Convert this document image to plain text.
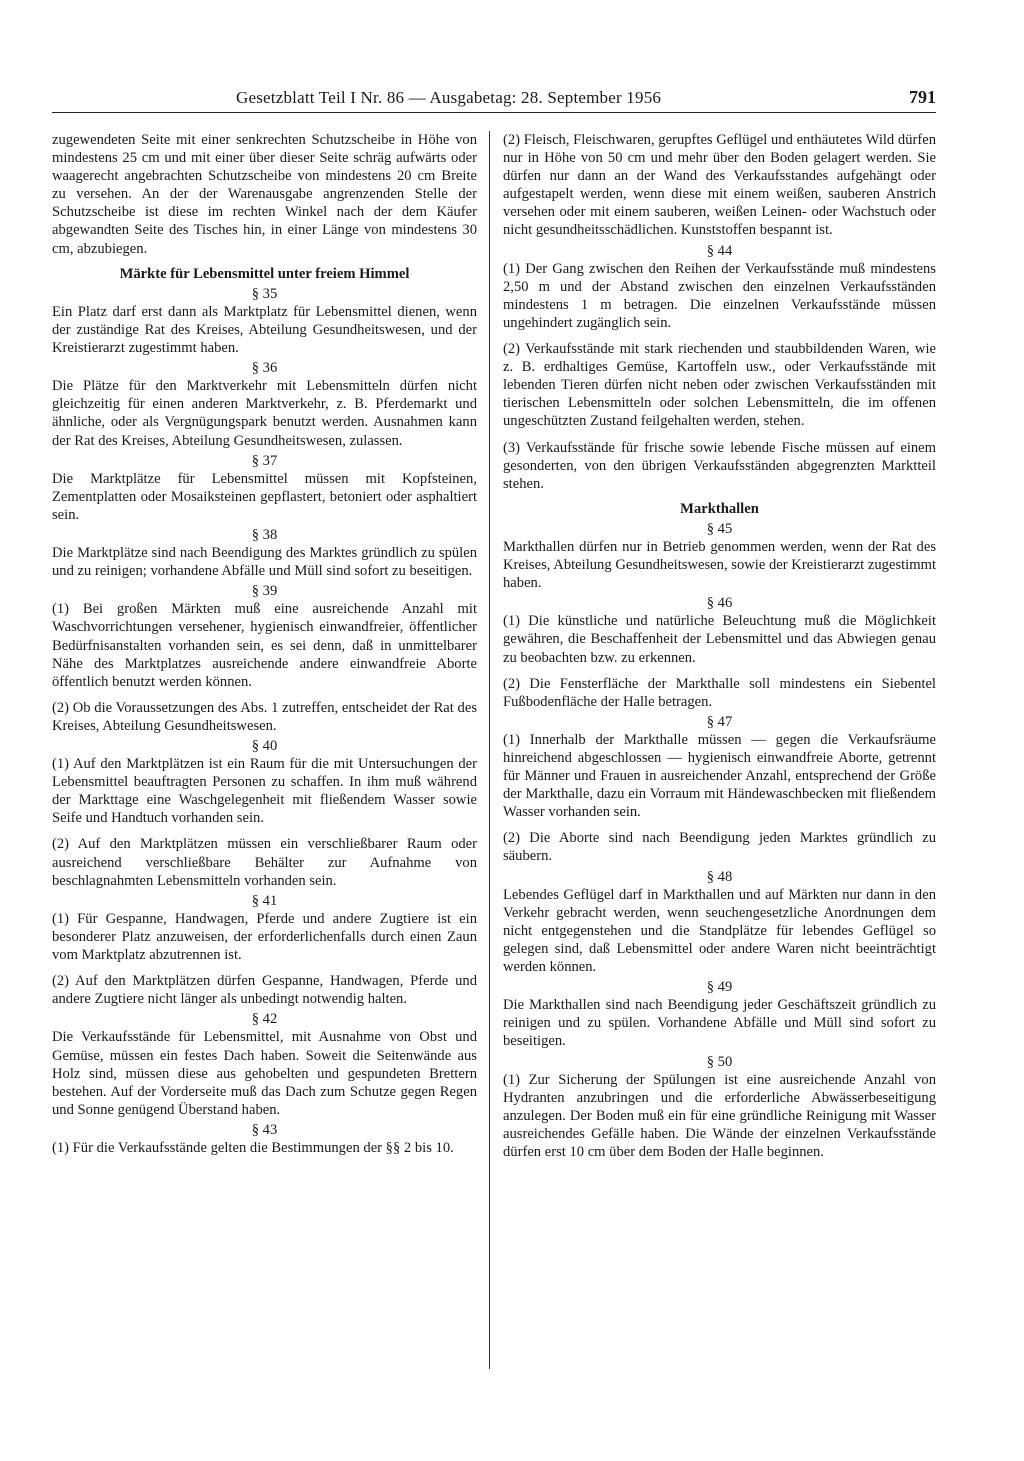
Gesetzblatt Teil I Nr. 86 — Ausgabetag: 28. September 1956	791

zugewendeten Seite mit einer senkrechten Schutzscheibe in Höhe von mindestens 25 cm und mit einer über dieser Seite schräg aufwärts oder waagerecht angebrachten Schutzscheibe von mindestens 20 cm Breite zu versehen. An der der Warenausgabe angrenzenden Stelle der Schutzscheibe ist diese im rechten Winkel nach der dem Käufer abgewandten Seite des Tisches hin, in einer Länge von mindestens 30 cm, abzubiegen.

Märkte für Lebensmittel unter freiem Himmel
§ 35

Ein Platz darf erst dann als Marktplatz für Lebensmittel dienen, wenn der zuständige Rat des Kreises, Abteilung Gesundheitswesen, und der Kreistierarzt zugestimmt haben.

§ 36

Die Plätze für den Marktverkehr mit Lebensmitteln dürfen nicht gleichzeitig für einen anderen Marktverkehr, z. B. Pferdemarkt und ähnliche, oder als Vergnügungspark benutzt werden. Ausnahmen kann der Rat des Kreises, Abteilung Gesundheitswesen, zulassen.

§ 37

Die Marktplätze für Lebensmittel müssen mit Kopfsteinen, Zementplatten oder Mosaiksteinen gepflastert, betoniert oder asphaltiert sein.

§ 38

Die Marktplätze sind nach Beendigung des Marktes gründlich zu spülen und zu reinigen; vorhandene Abfälle und Müll sind sofort zu beseitigen.

§ 39

(1) Bei großen Märkten muß eine ausreichende Anzahl mit Waschvorrichtungen versehener, hygienisch einwandfreier, öffentlicher Bedürfnisanstalten vorhanden sein, es sei denn, daß in unmittelbarer Nähe des Marktplatzes ausreichende andere einwandfreie Aborte öffentlich benutzt werden können.

(2) Ob die Voraussetzungen des Abs. 1 zutreffen, entscheidet der Rat des Kreises, Abteilung Gesundheitswesen.

§ 40

(1) Auf den Marktplätzen ist ein Raum für die mit Untersuchungen der Lebensmittel beauftragten Personen zu schaffen. In ihm muß während der Markttage eine Waschgelegenheit mit fließendem Wasser sowie Seife und Handtuch vorhanden sein.

(2) Auf den Marktplätzen müssen ein verschließbarer Raum oder ausreichend verschließbare Behälter zur Aufnahme von beschlagnahmten Lebensmitteln vorhanden sein.

§ 41

(1) Für Gespanne, Handwagen, Pferde und andere Zugtiere ist ein besonderer Platz anzuweisen, der erforderlichenfalls durch einen Zaun vom Marktplatz abzutrennen ist.

(2) Auf den Marktplätzen dürfen Gespanne, Handwagen, Pferde und andere Zugtiere nicht länger als unbedingt notwendig halten.

§ 42

Die Verkaufsstände für Lebensmittel, mit Ausnahme von Obst und Gemüse, müssen ein festes Dach haben. Soweit die Seitenwände aus Holz sind, müssen diese aus gehobelten und gespundeten Brettern bestehen. Auf der Vorderseite muß das Dach zum Schutze gegen Regen und Sonne genügend Überstand haben.

§ 43

(1) Für die Verkaufsstände gelten die Bestimmungen der §§ 2 bis 10.

(2) Fleisch, Fleischwaren, gerupftes Geflügel und enthäutetes Wild dürfen nur in Höhe von 50 cm und mehr über den Boden gelagert werden. Sie dürfen nur dann an der Wand des Verkaufsstandes aufgehängt oder aufgestapelt werden, wenn diese mit einem weißen, sauberen Anstrich versehen oder mit einem sauberen, weißen Leinen- oder Wachstuch oder nicht gesundheitsschädlichen. Kunststoffen bespannt ist.

§ 44

(1) Der Gang zwischen den Reihen der Verkaufsstände muß mindestens 2,50 m und der Abstand zwischen den einzelnen Verkaufsständen mindestens 1 m betragen. Die einzelnen Verkaufsstände müssen ungehindert zugänglich sein.

(2) Verkaufsstände mit stark riechenden und staubbildenden Waren, wie z. B. erdhaltiges Gemüse, Kartoffeln usw., oder Verkaufsstände mit lebenden Tieren dürfen nicht neben oder zwischen Verkaufsständen mit tierischen Lebensmitteln oder solchen Lebensmitteln, die im offenen ungeschützten Zustand feilgehalten werden, stehen.

(3) Verkaufsstände für frische sowie lebende Fische müssen auf einem gesonderten, von den übrigen Verkaufsständen abgegrenzten Marktteil stehen.

Markthallen
§ 45

Markthallen dürfen nur in Betrieb genommen werden, wenn der Rat des Kreises, Abteilung Gesundheitswesen, sowie der Kreistierarzt zugestimmt haben.

§ 46

(1) Die künstliche und natürliche Beleuchtung muß die Möglichkeit gewähren, die Beschaffenheit der Lebensmittel und das Abwiegen genau zu beobachten bzw. zu erkennen.

(2) Die Fensterfläche der Markthalle soll mindestens ein Siebentel Fußbodenfläche der Halle betragen.

§ 47

(1) Innerhalb der Markthalle müssen — gegen die Verkaufsräume hinreichend abgeschlossen — hygienisch einwandfreie Aborte, getrennt für Männer und Frauen in ausreichender Anzahl, entsprechend der Größe der Markthalle, dazu ein Vorraum mit Händewaschbecken mit fließendem Wasser vorhanden sein.

(2) Die Aborte sind nach Beendigung jeden Marktes gründlich zu säubern.

§ 48

Lebendes Geflügel darf in Markthallen und auf Märkten nur dann in den Verkehr gebracht werden, wenn seuchengesetzliche Anordnungen dem nicht entgegenstehen und die Standplätze für lebendes Geflügel so gelegen sind, daß Lebensmittel oder andere Waren nicht beeinträchtigt werden können.

§ 49

Die Markthallen sind nach Beendigung jeder Geschäftszeit gründlich zu reinigen und zu spülen. Vorhandene Abfälle und Müll sind sofort zu beseitigen.

§ 50

(1) Zur Sicherung der Spülungen ist eine ausreichende Anzahl von Hydranten anzubringen und die erforderliche Abwässerbeseitigung anzulegen. Der Boden muß ein für eine gründliche Reinigung mit Wasser ausreichendes Gefälle haben. Die Wände der einzelnen Verkaufsstände dürfen erst 10 cm über dem Boden der Halle beginnen.
